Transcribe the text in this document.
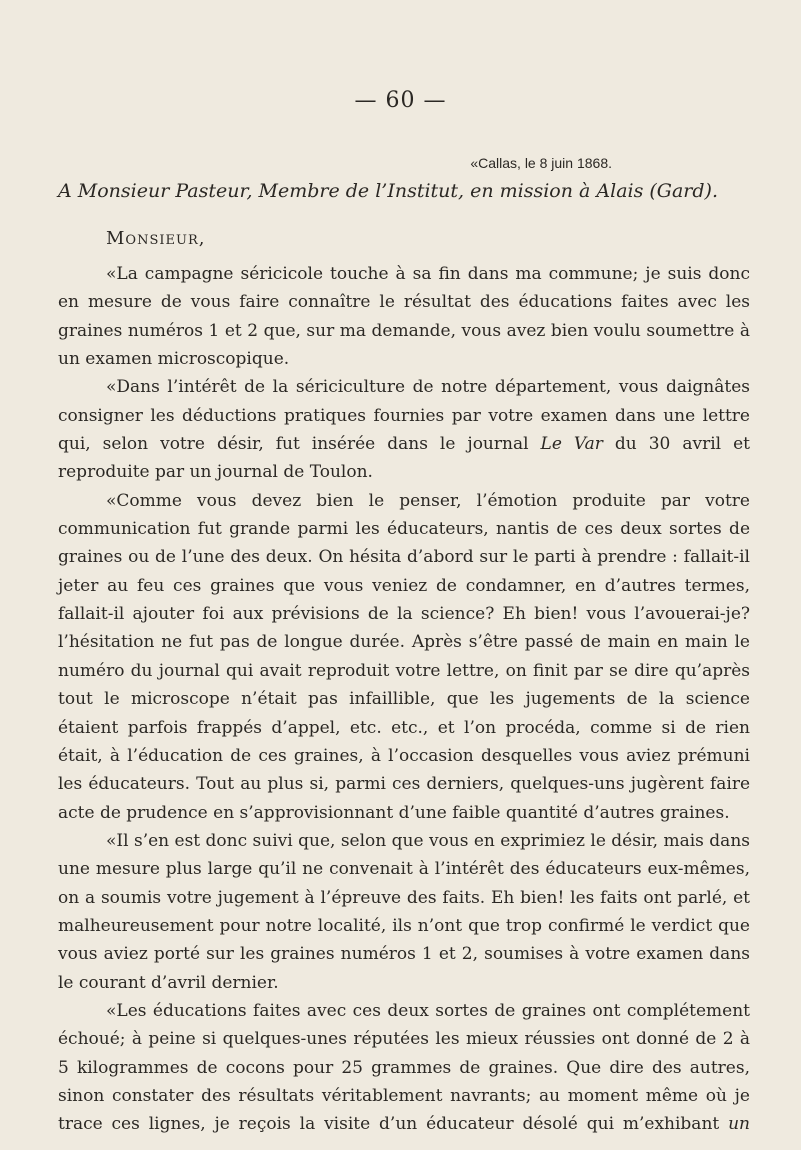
— 60 —
«Callas, le 8 juin 1868.
A Monsieur Pasteur, Membre de l’Institut, en mission à Alais (Gard).
Monsieur,

«La campagne séricicole touche à sa fin dans ma commune; je suis donc en mesure de vous faire connaître le résultat des éducations faites avec les graines numéros 1 et 2 que, sur ma demande, vous avez bien voulu soumettre à un examen microscopique.

«Dans l’intérêt de la sériciculture de notre département, vous daignâtes consigner les déductions pratiques fournies par votre examen dans une lettre qui, selon votre désir, fut insérée dans le journal Le Var du 30 avril et reproduite par un journal de Toulon.

«Comme vous devez bien le penser, l’émotion produite par votre communication fut grande parmi les éducateurs, nantis de ces deux sortes de graines ou de l’une des deux. On hésita d’abord sur le parti à prendre : fallait-il jeter au feu ces graines que vous veniez de condamner, en d’autres termes, fallait-il ajouter foi aux prévisions de la science? Eh bien! vous l’avouerai-je? l’hésitation ne fut pas de longue durée. Après s’être passé de main en main le numéro du journal qui avait reproduit votre lettre, on finit par se dire qu’après tout le microscope n’était pas infaillible, que les jugements de la science étaient parfois frappés d’appel, etc. etc., et l’on procéda, comme si de rien était, à l’éducation de ces graines, à l’occasion desquelles vous aviez prémuni les éducateurs. Tout au plus si, parmi ces derniers, quelques-uns jugèrent faire acte de prudence en s’approvisionnant d’une faible quantité d’autres graines.

«Il s’en est donc suivi que, selon que vous en exprimiez le désir, mais dans une mesure plus large qu’il ne convenait à l’intérêt des éducateurs eux-mêmes, on a soumis votre jugement à l’épreuve des faits. Eh bien! les faits ont parlé, et malheureusement pour notre localité, ils n’ont que trop confirmé le verdict que vous aviez porté sur les graines numéros 1 et 2, soumises à votre examen dans le courant d’avril dernier.

«Les éducations faites avec ces deux sortes de graines ont complétement échoué; à peine si quelques-unes réputées les mieux réussies ont donné de 2 à 5 kilogrammes de cocons pour 25 grammes de graines. Que dire des autres, sinon constater des résultats véritablement navrants; au moment même où je trace ces lignes, je reçois la visite d’un éducateur désolé qui m’exhibant un
